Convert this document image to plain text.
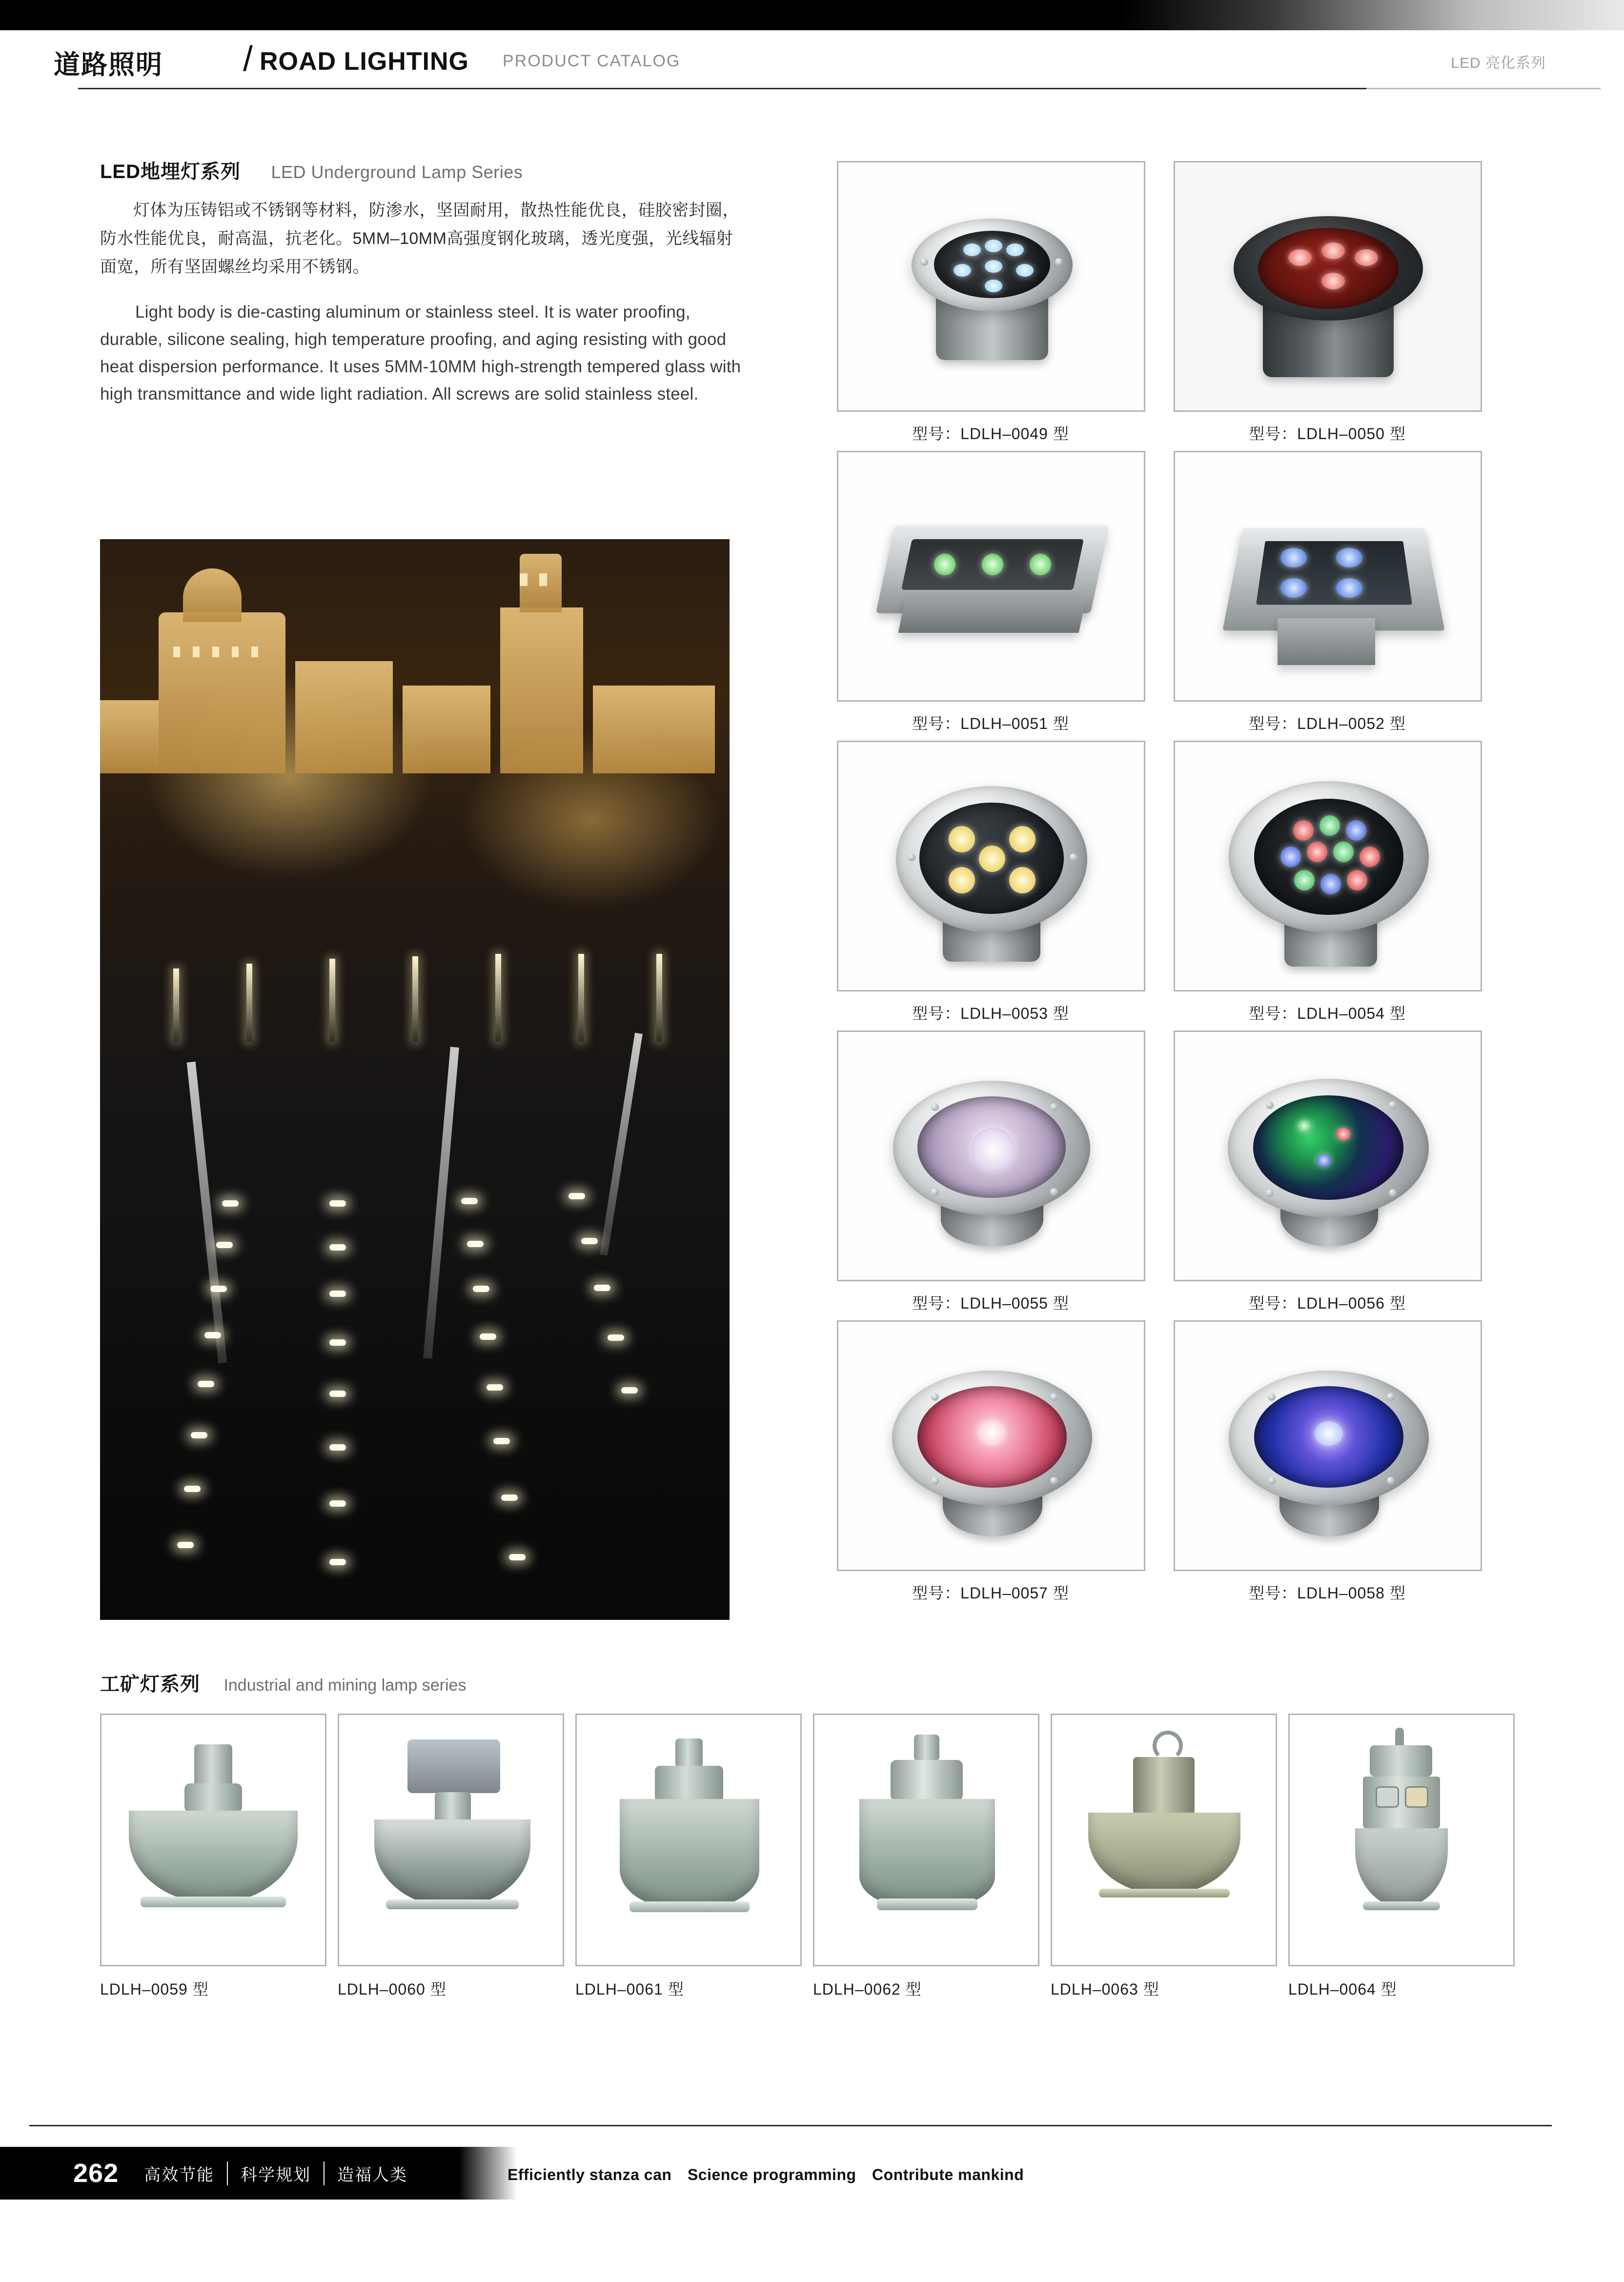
道路照明 / ROAD LIGHTING PRODUCT CATALOG	LED 亮化系列
LED地埋灯系列 LED Underground Lamp Series
灯体为压铸铝或不锈钢等材料，防渗水，坚固耐用，散热性能优良，硅胶密封圈，防水性能优良，耐高温，抗老化。5MM–10MM高强度钢化玻璃，透光度强，光线辐射面宽，所有坚固螺丝均采用不锈钢。
Light body is die-casting aluminum or stainless steel. It is water proofing, durable, silicone sealing, high temperature proofing, and aging resisting with good heat dispersion performance. It uses 5MM-10MM high-strength tempered glass with high transmittance and wide light radiation. All screws are solid stainless steel.
型号：LDLH–0049 型	型号：LDLH–0050 型
型号：LDLH–0051 型	型号：LDLH–0052 型
型号：LDLH–0053 型	型号：LDLH–0054 型
型号：LDLH–0055 型	型号：LDLH–0056 型
型号：LDLH–0057 型	型号：LDLH–0058 型
工矿灯系列 Industrial and mining lamp series
LDLH–0059 型	LDLH–0060 型	LDLH–0061 型	LDLH–0062 型	LDLH–0063 型	LDLH–0064 型
262	高效节能	科学规划	造福人类	Efficiently stanza can　Science programming　Contribute mankind
